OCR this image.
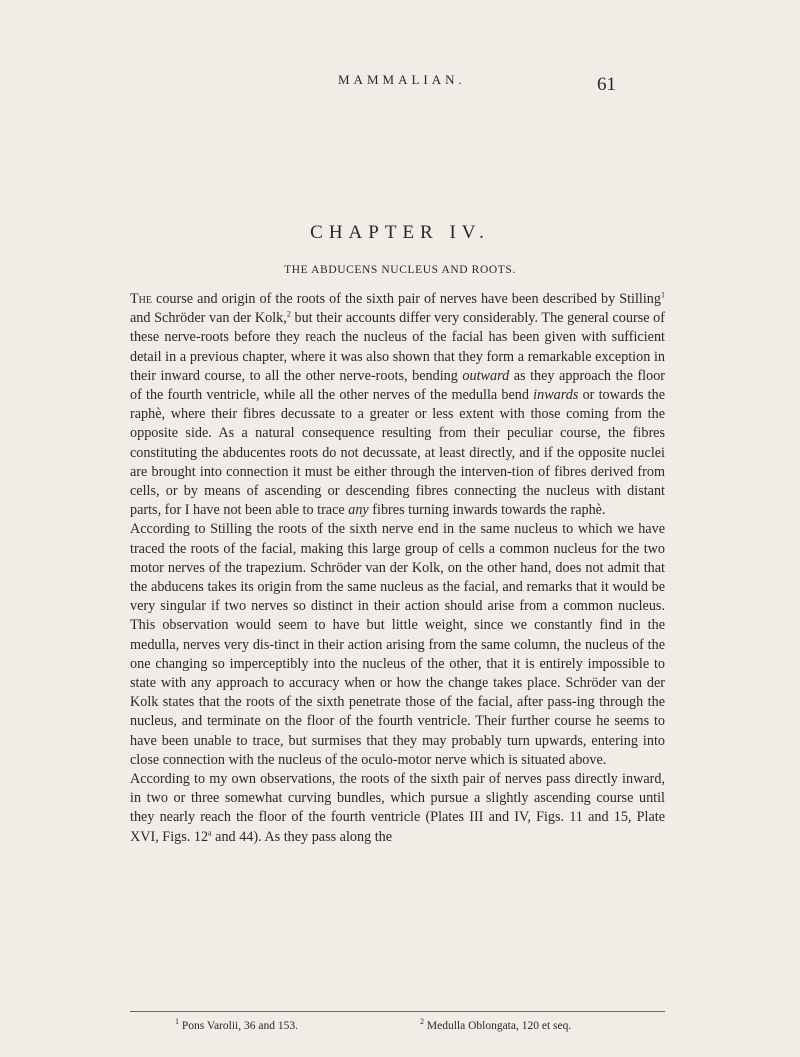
MAMMALIAN.	61
CHAPTER IV.
THE ABDUCENS NUCLEUS AND ROOTS.

The course and origin of the roots of the sixth pair of nerves have been described by Stilling$^1$ and Schröder van der Kolk,$^2$ but their accounts differ very considerably. The general course of these nerve-roots before they reach the nucleus of the facial has been given with sufficient detail in a previous chapter, where it was also shown that they form a remarkable exception in their inward course, to all the other nerve-roots, bending outward as they approach the floor of the fourth ventricle, while all the other nerves of the medulla bend inwards or towards the raphè, where their fibres decussate to a greater or less extent with those coming from the opposite side. As a natural consequence resulting from their peculiar course, the fibres constituting the abducentes roots do not decussate, at least directly, and if the opposite nuclei are brought into connection it must be either through the interven-tion of fibres derived from cells, or by means of ascending or descending fibres connecting the nucleus with distant parts, for I have not been able to trace any fibres turning inwards towards the raphè.

According to Stilling the roots of the sixth nerve end in the same nucleus to which we have traced the roots of the facial, making this large group of cells a common nucleus for the two motor nerves of the trapezium. Schröder van der Kolk, on the other hand, does not admit that the abducens takes its origin from the same nucleus as the facial, and remarks that it would be very singular if two nerves so distinct in their action should arise from a common nucleus. This observation would seem to have but little weight, since we constantly find in the medulla, nerves very dis-tinct in their action arising from the same column, the nucleus of the one changing so imperceptibly into the nucleus of the other, that it is entirely impossible to state with any approach to accuracy when or how the change takes place. Schröder van der Kolk states that the roots of the sixth penetrate those of the facial, after pass-ing through the nucleus, and terminate on the floor of the fourth ventricle. Their further course he seems to have been unable to trace, but surmises that they may probably turn upwards, entering into close connection with the nucleus of the oculo-motor nerve which is situated above.

According to my own observations, the roots of the sixth pair of nerves pass directly inward, in two or three somewhat curving bundles, which pursue a slightly ascending course until they nearly reach the floor of the fourth ventricle (Plates III and IV, Figs. 11 and 15, Plate XVI, Figs. 12$^a$ and 44). As they pass along the

$^1$ Pons Varolii, 36 and 153.	$^2$ Medulla Oblongata, 120 et seq.
